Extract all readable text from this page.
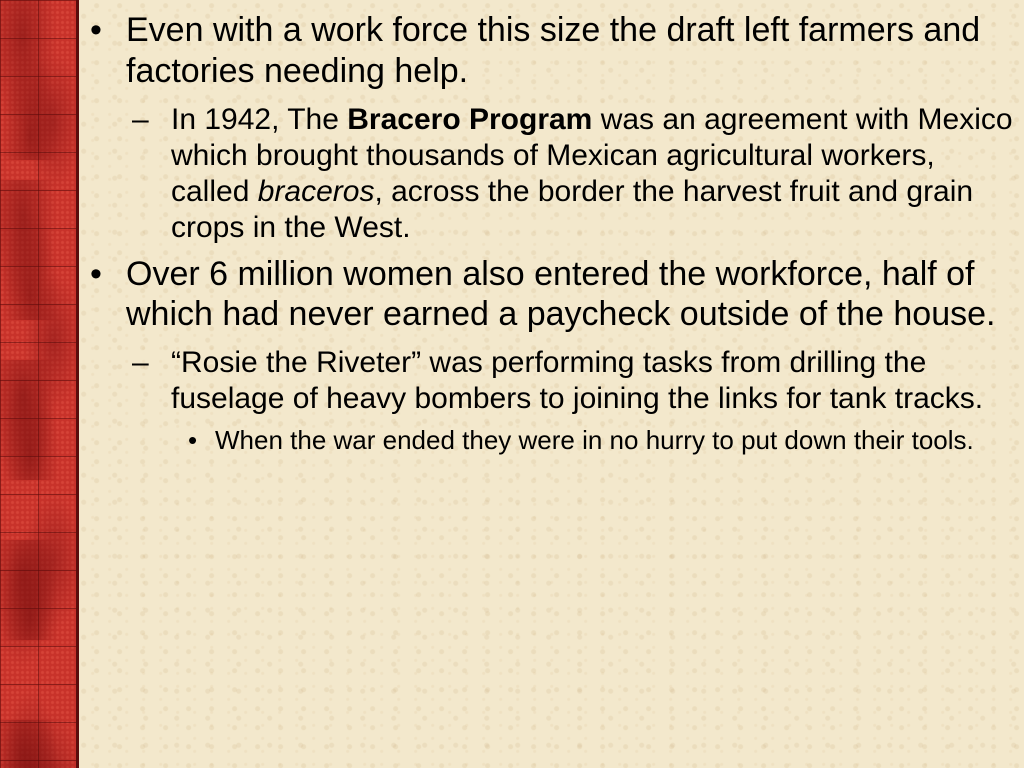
• Even with a work force this size the draft left farmers and factories needing help.
– In 1942, The Bracero Program was an agreement with Mexico which brought thousands of Mexican agricultural workers, called braceros, across the border the harvest fruit and grain crops in the West.
• Over 6 million women also entered the workforce, half of which had never earned a paycheck outside of the house.
– “Rosie the Riveter” was performing tasks from drilling the fuselage of heavy bombers to joining the links for tank tracks.
• When the war ended they were in no hurry to put down their tools.
